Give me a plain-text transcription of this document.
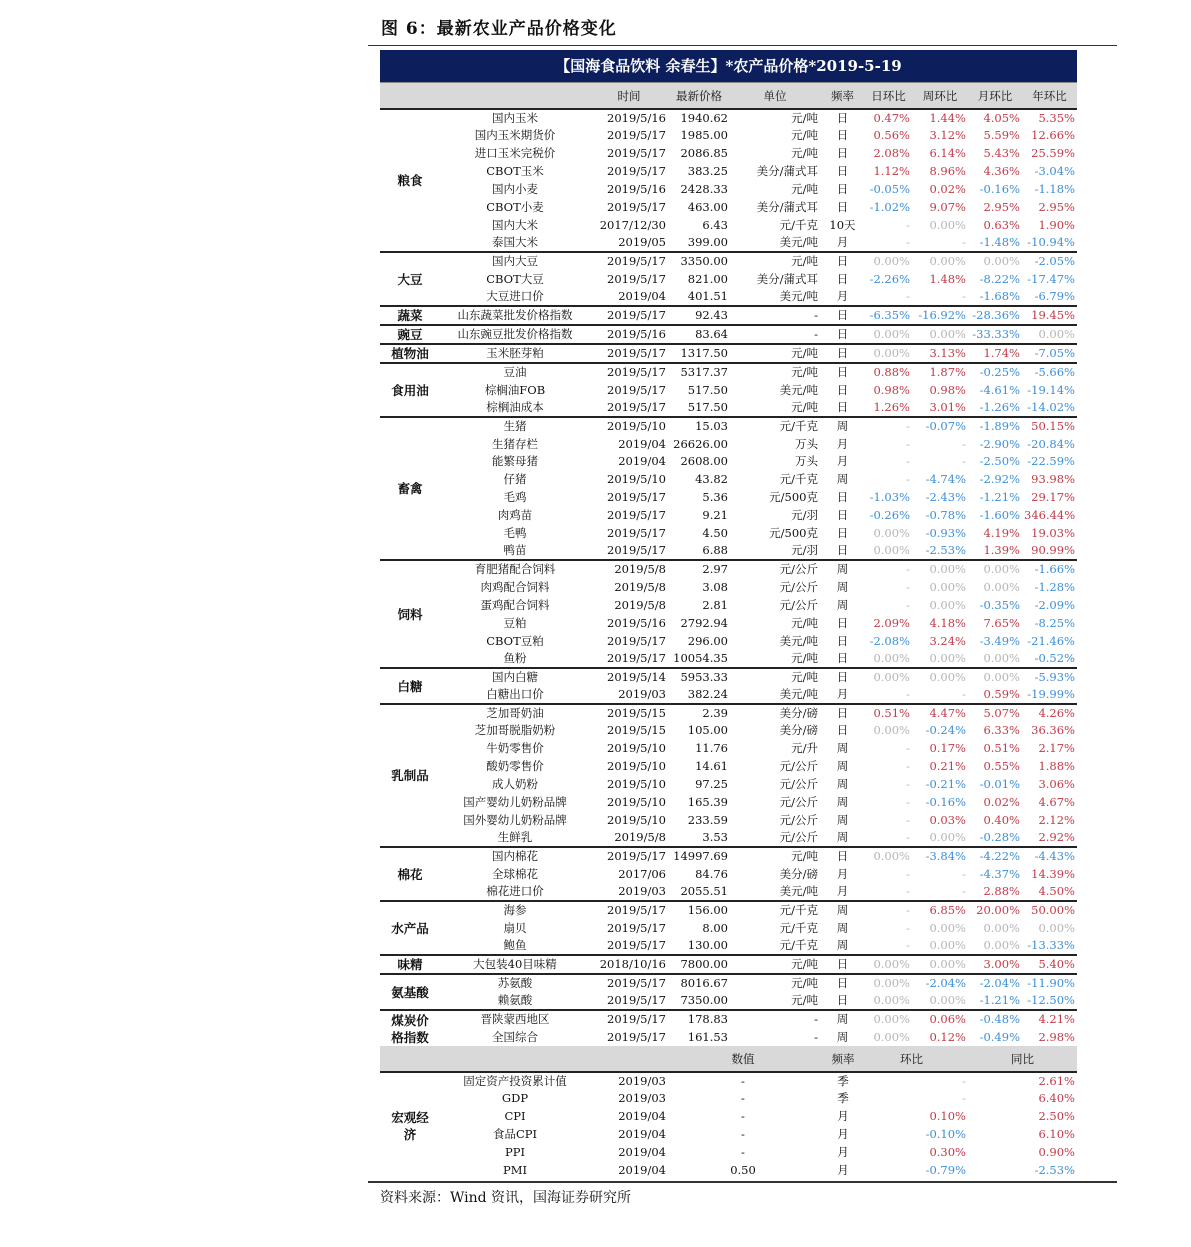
图 6：最新农业产品价格变化
【国海食品饮料 余春生】*农产品价格*2019-5-19
		时间	最新价格	单位	频率	日环比	周环比	月环比	年环比
粮食	国内玉米	2019/5/16	1940.62	元/吨	日	0.47%	1.44%	4.05%	5.35%
	国内玉米期货价	2019/5/17	1985.00	元/吨	日	0.56%	3.12%	5.59%	12.66%
	进口玉米完税价	2019/5/17	2086.85	元/吨	日	2.08%	6.14%	5.43%	25.59%
	CBOT玉米	2019/5/17	383.25	美分/蒲式耳	日	1.12%	8.96%	4.36%	-3.04%
	国内小麦	2019/5/16	2428.33	元/吨	日	-0.05%	0.02%	-0.16%	-1.18%
	CBOT小麦	2019/5/17	463.00	美分/蒲式耳	日	-1.02%	9.07%	2.95%	2.95%
	国内大米	2017/12/30	6.43	元/千克	10天	-	0.00%	0.63%	1.90%
	泰国大米	2019/05	399.00	美元/吨	月	-	-	-1.48%	-10.94%
大豆	国内大豆	2019/5/17	3350.00	元/吨	日	0.00%	0.00%	0.00%	-2.05%
	CBOT大豆	2019/5/17	821.00	美分/蒲式耳	日	-2.26%	1.48%	-8.22%	-17.47%
	大豆进口价	2019/04	401.51	美元/吨	月	-	-	-1.68%	-6.79%
蔬菜	山东蔬菜批发价格指数	2019/5/17	92.43	-	日	-6.35%	-16.92%	-28.36%	19.45%
豌豆	山东豌豆批发价格指数	2019/5/16	83.64	-	日	0.00%	0.00%	-33.33%	0.00%
植物油	玉米胚芽粕	2019/5/17	1317.50	元/吨	日	0.00%	3.13%	1.74%	-7.05%
食用油	豆油	2019/5/17	5317.37	元/吨	日	0.88%	1.87%	-0.25%	-5.66%
	棕榈油FOB	2019/5/17	517.50	美元/吨	日	0.98%	0.98%	-4.61%	-19.14%
	棕榈油成本	2019/5/17	517.50	元/吨	日	1.26%	3.01%	-1.26%	-14.02%
畜禽	生猪	2019/5/10	15.03	元/千克	周	-	-0.07%	-1.89%	50.15%
	生猪存栏	2019/04	26626.00	万头	月	-	-	-2.90%	-20.84%
	能繁母猪	2019/04	2608.00	万头	月	-	-	-2.50%	-22.59%
	仔猪	2019/5/10	43.82	元/千克	周	-	-4.74%	-2.92%	93.98%
	毛鸡	2019/5/17	5.36	元/500克	日	-1.03%	-2.43%	-1.21%	29.17%
	肉鸡苗	2019/5/17	9.21	元/羽	日	-0.26%	-0.78%	-1.60%	346.44%
	毛鸭	2019/5/17	4.50	元/500克	日	0.00%	-0.93%	4.19%	19.03%
	鸭苗	2019/5/17	6.88	元/羽	日	0.00%	-2.53%	1.39%	90.99%
饲料	育肥猪配合饲料	2019/5/8	2.97	元/公斤	周	-	0.00%	0.00%	-1.66%
	肉鸡配合饲料	2019/5/8	3.08	元/公斤	周	-	0.00%	0.00%	-1.28%
	蛋鸡配合饲料	2019/5/8	2.81	元/公斤	周	-	0.00%	-0.35%	-2.09%
	豆粕	2019/5/16	2792.94	元/吨	日	2.09%	4.18%	7.65%	-8.25%
	CBOT豆粕	2019/5/17	296.00	美元/吨	日	-2.08%	3.24%	-3.49%	-21.46%
	鱼粉	2019/5/17	10054.35	元/吨	日	0.00%	0.00%	0.00%	-0.52%
白糖	国内白糖	2019/5/14	5953.33	元/吨	日	0.00%	0.00%	0.00%	-5.93%
	白糖出口价	2019/03	382.24	美元/吨	月	-	-	0.59%	-19.99%
乳制品	芝加哥奶油	2019/5/15	2.39	美分/磅	日	0.51%	4.47%	5.07%	4.26%
	芝加哥脱脂奶粉	2019/5/15	105.00	美分/磅	日	0.00%	-0.24%	6.33%	36.36%
	牛奶零售价	2019/5/10	11.76	元/升	周	-	0.17%	0.51%	2.17%
	酸奶零售价	2019/5/10	14.61	元/公斤	周	-	0.21%	0.55%	1.88%
	成人奶粉	2019/5/10	97.25	元/公斤	周	-	-0.21%	-0.01%	3.06%
	国产婴幼儿奶粉品牌	2019/5/10	165.39	元/公斤	周	-	-0.16%	0.02%	4.67%
	国外婴幼儿奶粉品牌	2019/5/10	233.59	元/公斤	周	-	0.03%	0.40%	2.12%
	生鲜乳	2019/5/8	3.53	元/公斤	周	-	0.00%	-0.28%	2.92%
棉花	国内棉花	2019/5/17	14997.69	元/吨	日	0.00%	-3.84%	-4.22%	-4.43%
	全球棉花	2017/06	84.76	美分/磅	月	-	-	-4.37%	14.39%
	棉花进口价	2019/03	2055.51	美元/吨	月	-	-	2.88%	4.50%
水产品	海参	2019/5/17	156.00	元/千克	周	-	6.85%	20.00%	50.00%
	扇贝	2019/5/17	8.00	元/千克	周	-	0.00%	0.00%	0.00%
	鲍鱼	2019/5/17	130.00	元/千克	周	-	0.00%	0.00%	-13.33%
味精	大包装40目味精	2018/10/16	7800.00	元/吨	日	0.00%	0.00%	3.00%	5.40%
氨基酸	苏氨酸	2019/5/17	8016.67	元/吨	日	0.00%	-2.04%	-2.04%	-11.90%
	赖氨酸	2019/5/17	7350.00	元/吨	日	0.00%	0.00%	-1.21%	-12.50%
煤炭价格指数	晋陕蒙西地区	2019/5/17	178.83	-	周	0.00%	0.06%	-0.48%	4.21%
	全国综合	2019/5/17	161.53	-	周	0.00%	0.12%	-0.49%	2.98%
				数值	频率	环比	同比
宏观经济	固定资产投资累计值	2019/03		-	季	-	2.61%
	GDP	2019/03		-	季	-	6.40%
	CPI	2019/04		-	月	0.10%	2.50%
	食品CPI	2019/04		-	月	-0.10%	6.10%
	PPI	2019/04		-	月	0.30%	0.90%
	PMI	2019/04		0.50	月	-0.79%	-2.53%
资料来源：Wind 资讯，国海证券研究所
